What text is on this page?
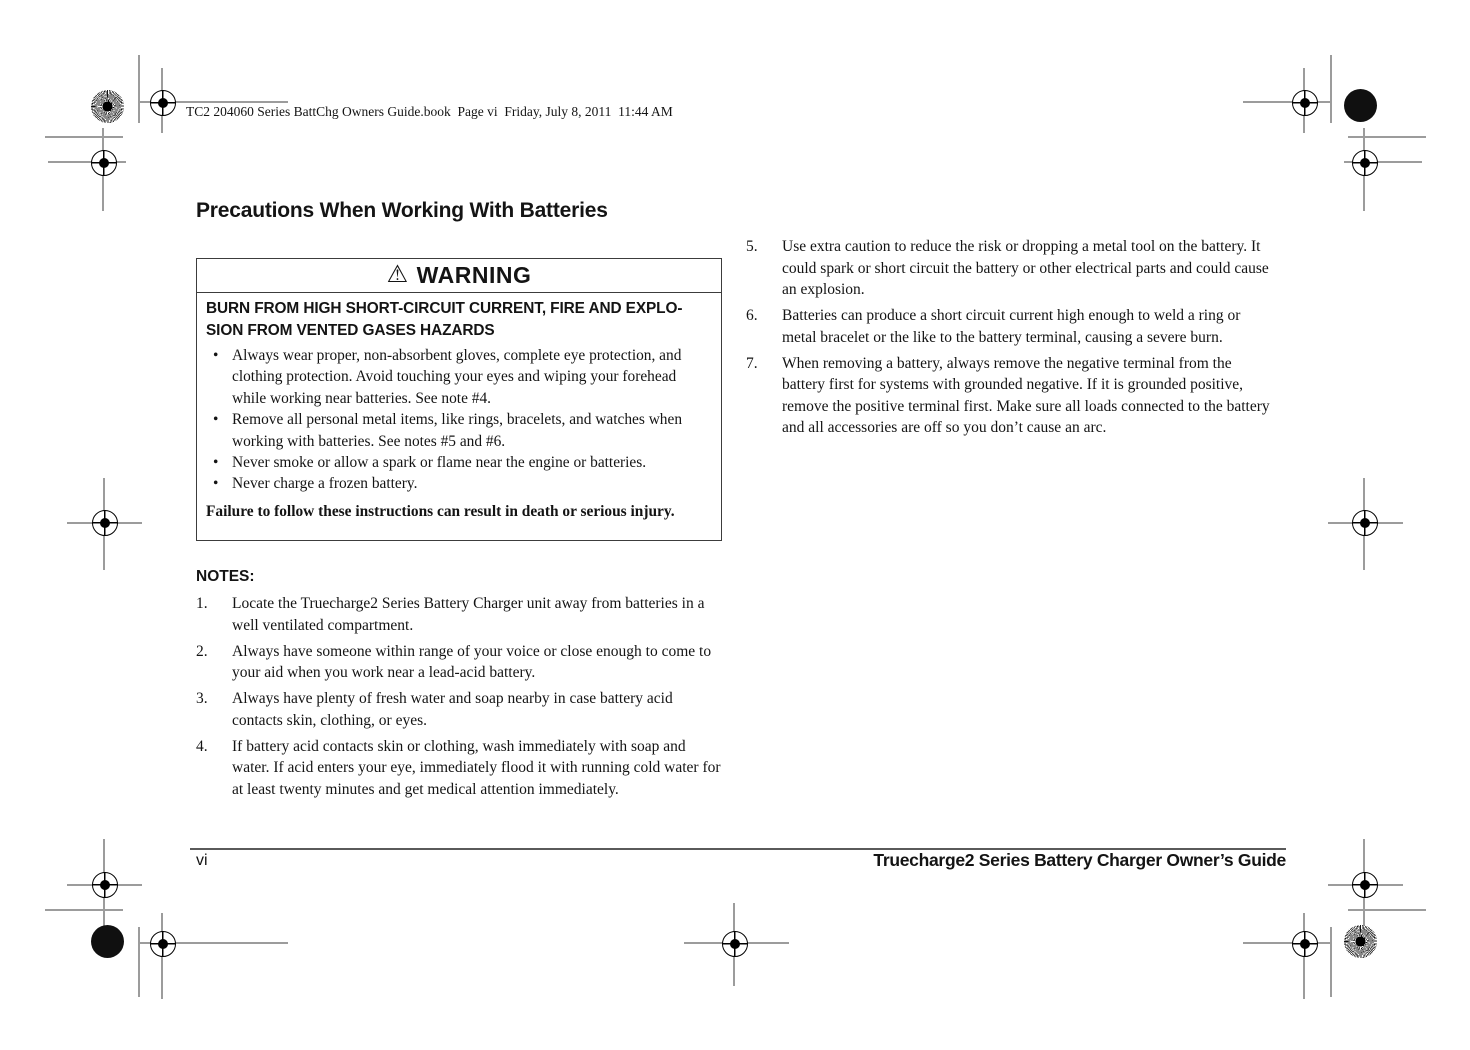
TC2 204060 Series BattChg Owners Guide.book  Page vi  Friday, July 8, 2011  11:44 AM
Precautions When Working With Batteries
⚠ WARNING
BURN FROM HIGH SHORT-CIRCUIT CURRENT, FIRE AND EXPLO-
SION FROM VENTED GASES HAZARDS
• Always wear proper, non-absorbent gloves, complete eye protection, and clothing protection. Avoid touching your eyes and wiping your forehead while working near batteries. See note #4.
• Remove all personal metal items, like rings, bracelets, and watches when working with batteries. See notes #5 and #6.
• Never smoke or allow a spark or flame near the engine or batteries.
• Never charge a frozen battery.
Failure to follow these instructions can result in death or serious injury.
NOTES:
1.	Locate the Truecharge2 Series Battery Charger unit away from batteries in a well ventilated compartment.
2.	Always have someone within range of your voice or close enough to come to your aid when you work near a lead-acid battery.
3.	Always have plenty of fresh water and soap nearby in case battery acid contacts skin, clothing, or eyes.
4.	If battery acid contacts skin or clothing, wash immediately with soap and water. If acid enters your eye, immediately flood it with running cold water for at least twenty minutes and get medical attention immediately.
5.	Use extra caution to reduce the risk or dropping a metal tool on the battery. It could spark or short circuit the battery or other electrical parts and could cause an explosion.
6.	Batteries can produce a short circuit current high enough to weld a ring or metal bracelet or the like to the battery terminal, causing a severe burn.
7.	When removing a battery, always remove the negative terminal from the battery first for systems with grounded negative. If it is grounded positive, remove the positive terminal first. Make sure all loads connected to the battery and all accessories are off so you don’t cause an arc.
vi	Truecharge2 Series Battery Charger Owner’s Guide
